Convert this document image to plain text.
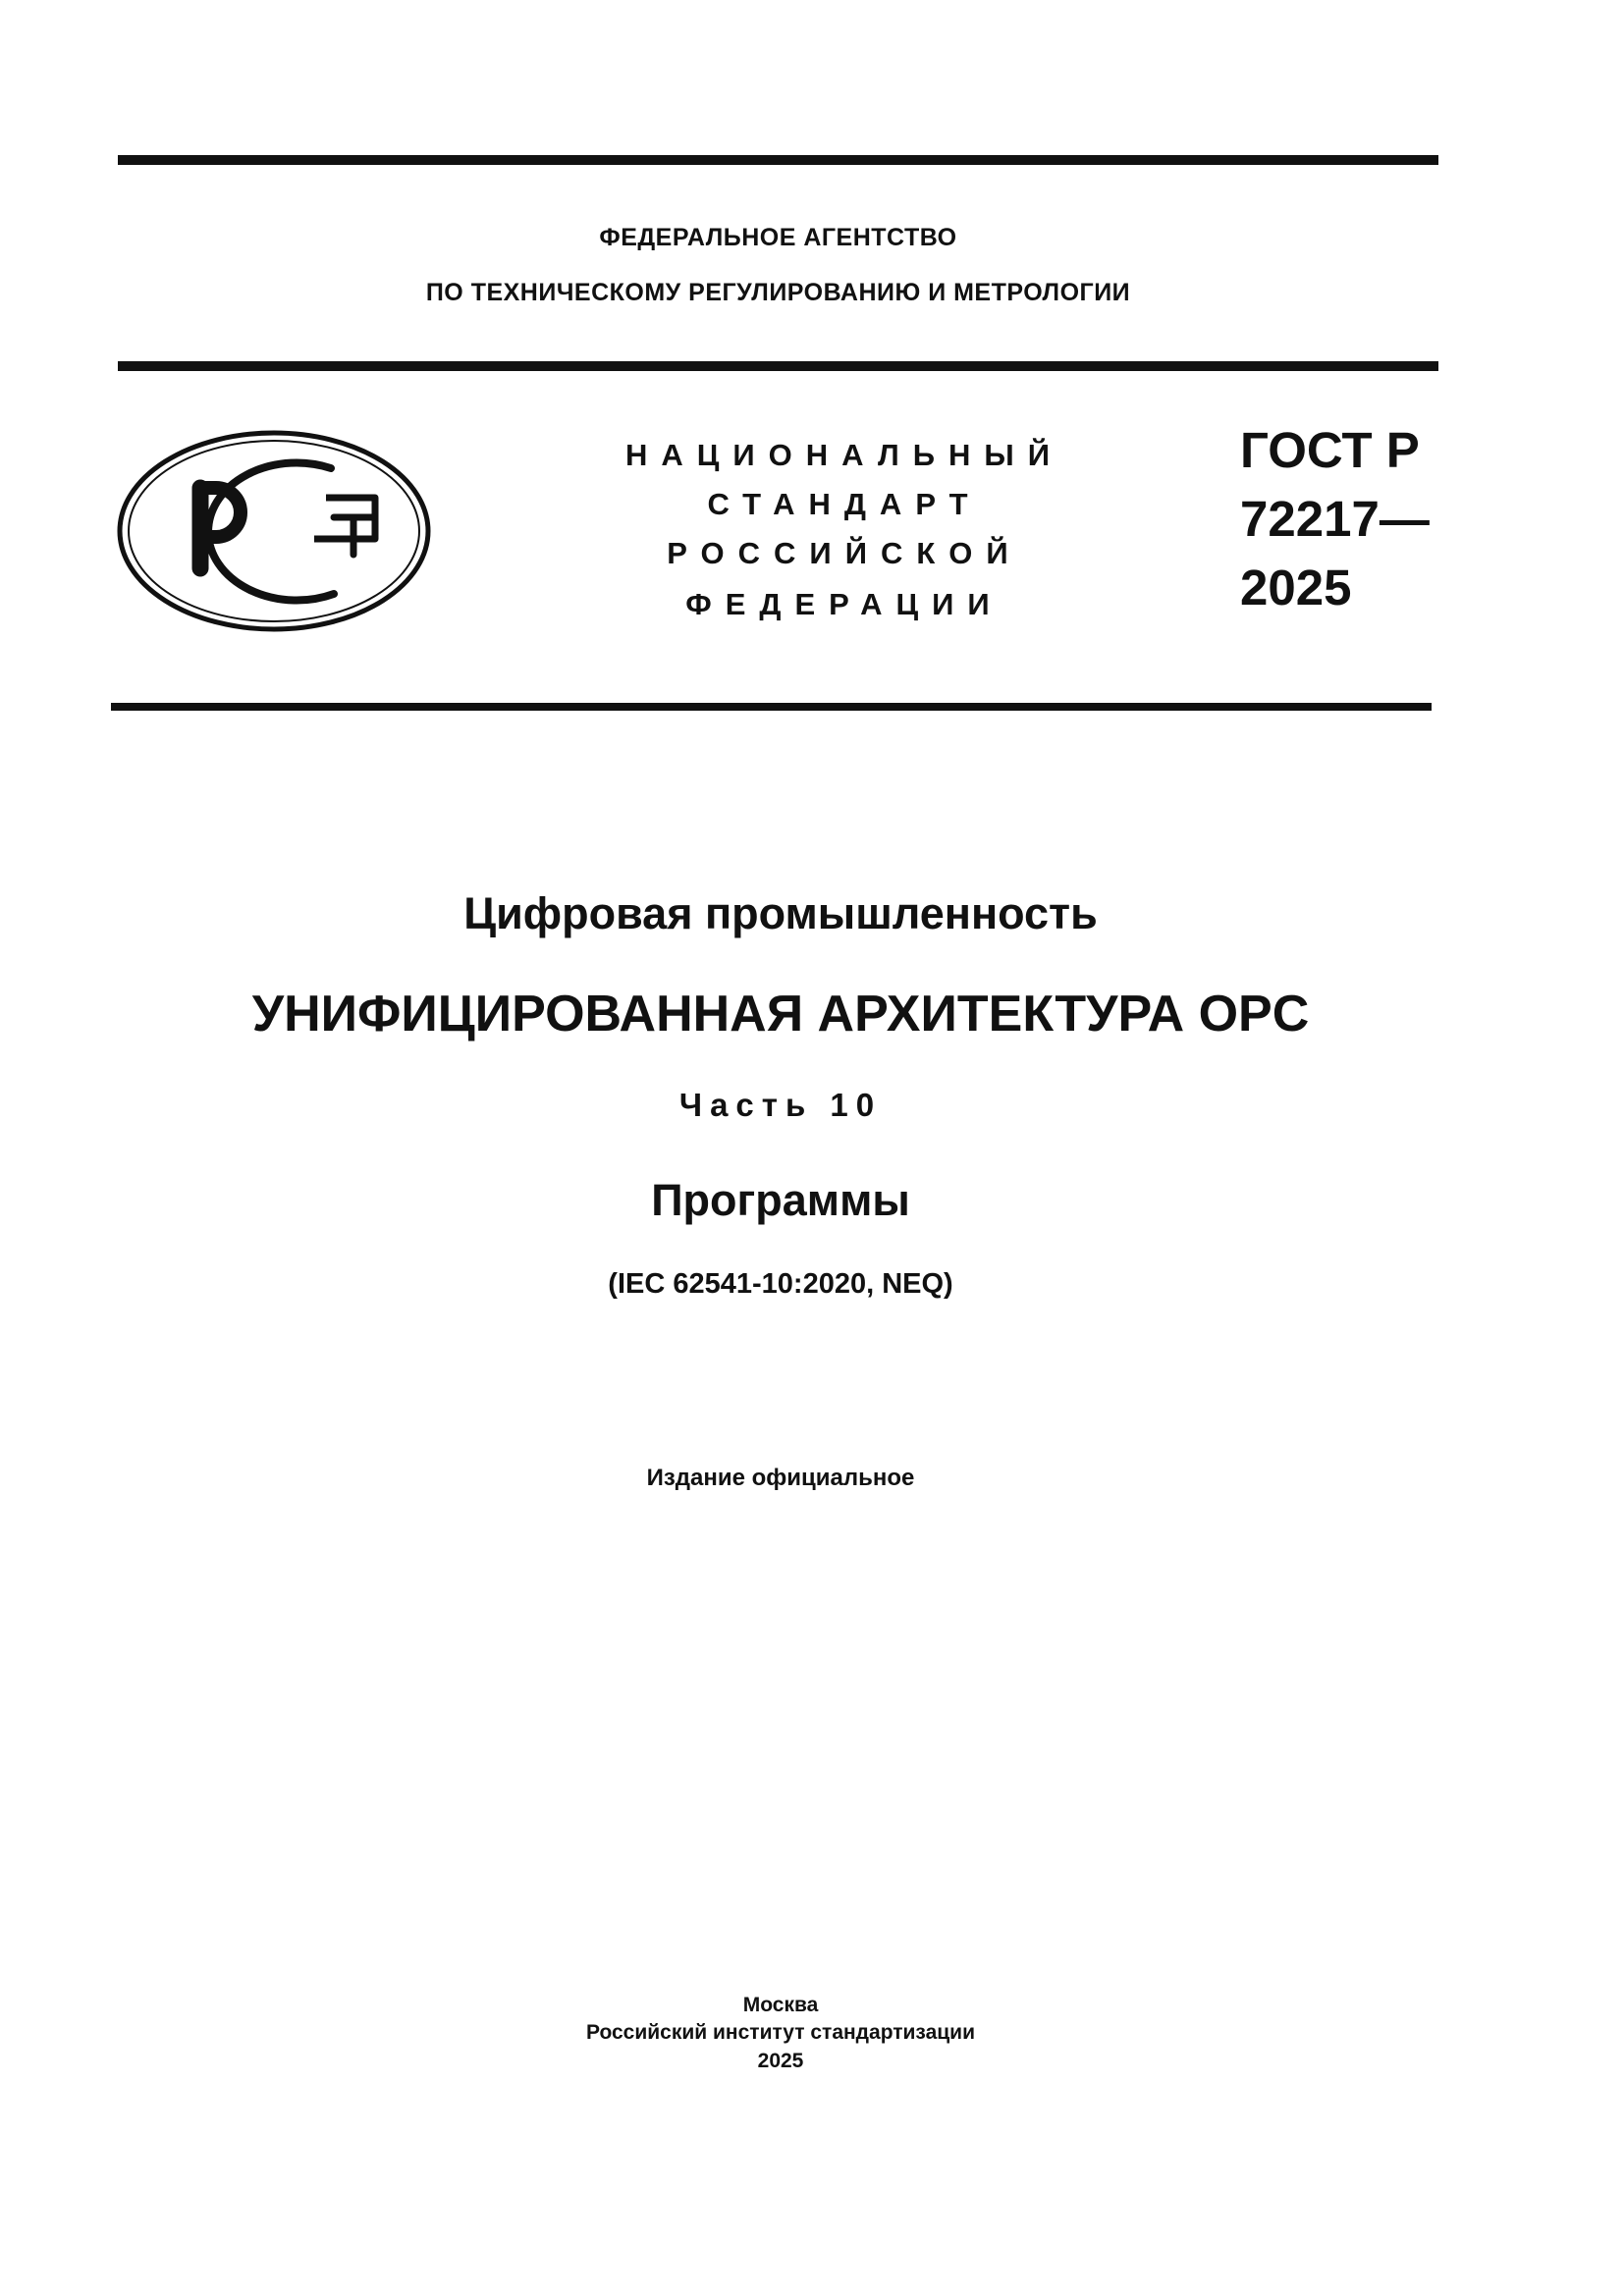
ФЕДЕРАЛЬНОЕ АГЕНТСТВО
ПО ТЕХНИЧЕСКОМУ РЕГУЛИРОВАНИЮ И МЕТРОЛОГИИ
НАЦИОНАЛЬНЫЙ
СТАНДАРТ
РОССИЙСКОЙ
ФЕДЕРАЦИИ
ГОСТ Р
72217—
2025
Цифровая промышленность
УНИФИЦИРОВАННАЯ АРХИТЕКТУРА OPC
Часть 10
Программы
(IEC 62541-10:2020, NEQ)
Издание официальное
Москва
Российский институт стандартизации
2025
